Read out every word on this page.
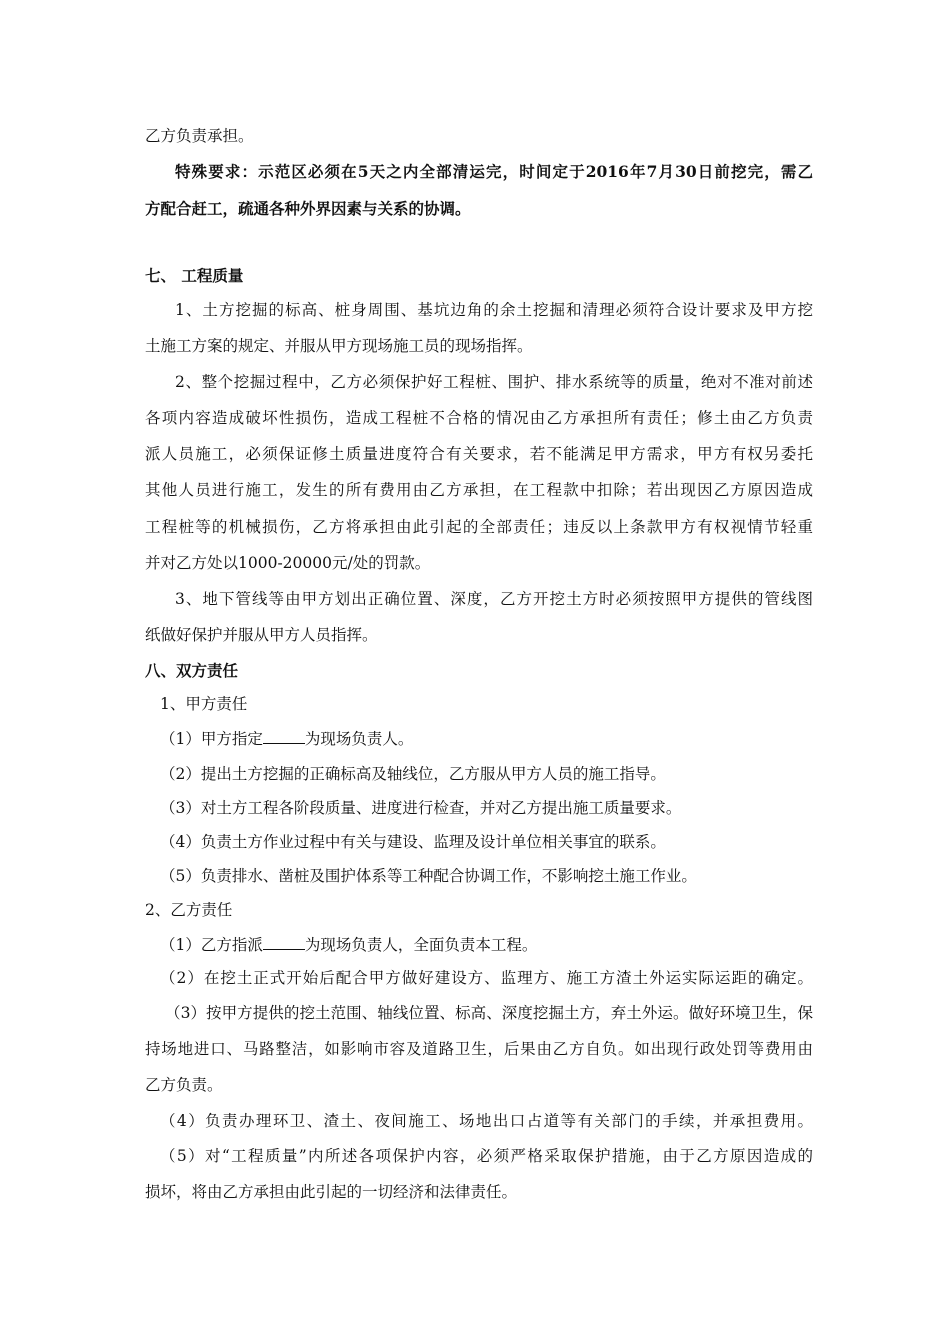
乙方负责承担。
特殊要求：示范区必须在5天之内全部清运完，时间定于2016年7月30日前挖完，需乙
方配合赶工，疏通各种外界因素与关系的协调。
七、 工程质量
1、土方挖掘的标高、桩身周围、基坑边角的余土挖掘和清理必须符合设计要求及甲方挖
土施工方案的规定、并服从甲方现场施工员的现场指挥。
2、整个挖掘过程中，乙方必须保护好工程桩、围护、排水系统等的质量，绝对不准对前述
各项内容造成破坏性损伤，造成工程桩不合格的情况由乙方承担所有责任；修土由乙方负责
派人员施工，必须保证修土质量进度符合有关要求，若不能满足甲方需求，甲方有权另委托
其他人员进行施工，发生的所有费用由乙方承担，在工程款中扣除；若出现因乙方原因造成
工程桩等的机械损伤，乙方将承担由此引起的全部责任；违反以上条款甲方有权视情节轻重
并对乙方处以1000-20000元/处的罚款。
3、地下管线等由甲方划出正确位置、深度，乙方开挖土方时必须按照甲方提供的管线图
纸做好保护并服从甲方人员指挥。
八、双方责任
1、甲方责任
（1）甲方指定	为现场负责人。
（2）提出土方挖掘的正确标高及轴线位，乙方服从甲方人员的施工指导。
（3）对土方工程各阶段质量、进度进行检查，并对乙方提出施工质量要求。
（4）负责土方作业过程中有关与建设、监理及设计单位相关事宜的联系。
（5）负责排水、凿桩及围护体系等工种配合协调工作，不影响挖土施工作业。
2、乙方责任
（1）乙方指派	为现场负责人，全面负责本工程。
（2）在挖土正式开始后配合甲方做好建设方、监理方、施工方渣土外运实际运距的确定。
（3）按甲方提供的挖土范围、轴线位置、标高、深度挖掘土方，弃土外运。做好环境卫生，保
持场地进口、马路整洁，如影响市容及道路卫生，后果由乙方自负。如出现行政处罚等费用由
乙方负责。
（4）负责办理环卫、渣土、夜间施工、场地出口占道等有关部门的手续，并承担费用。
（5）对“工程质量”内所述各项保护内容，必须严格采取保护措施，由于乙方原因造成的
损坏，将由乙方承担由此引起的一切经济和法律责任。
